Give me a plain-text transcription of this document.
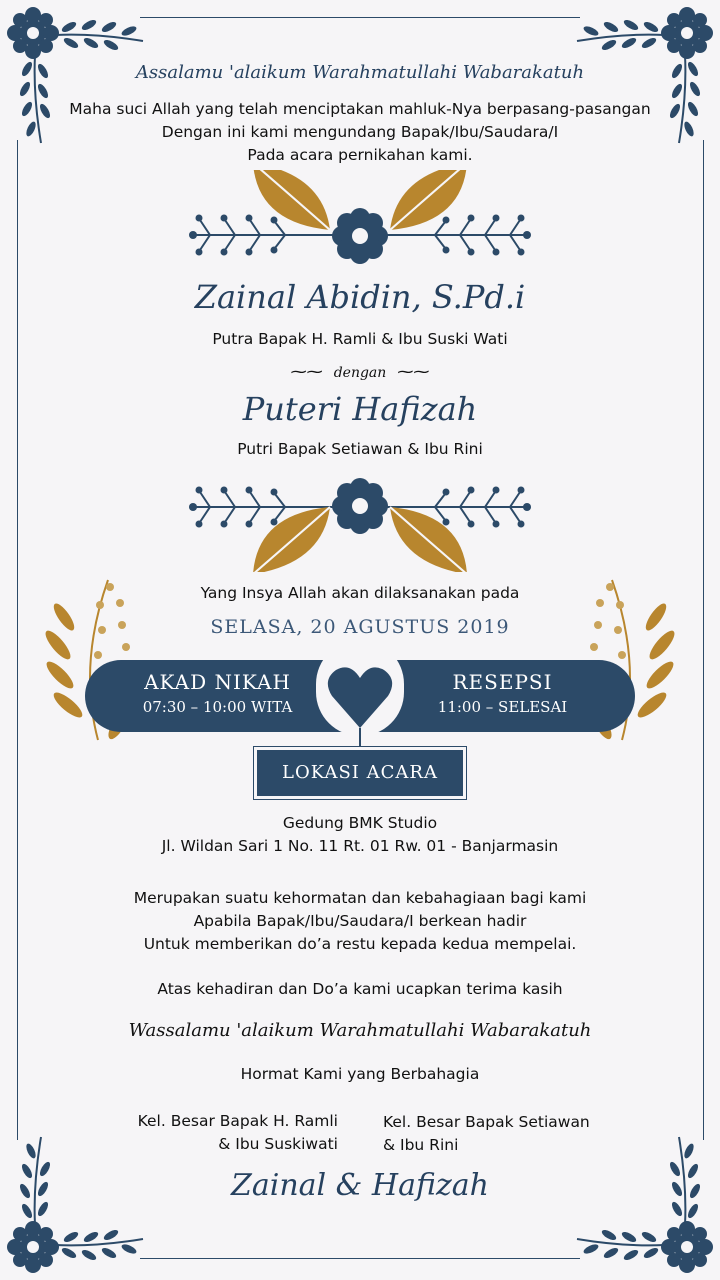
Assalamu 'alaikum Warahmatullahi Wabarakatuh
Maha suci Allah yang telah menciptakan mahluk-Nya berpasang-pasangan
Dengan ini kami mengundang Bapak/Ibu/Saudara/I
Pada acara pernikahan kami.
Zainal Abidin, S.Pd.i
Putra Bapak H. Ramli & Ibu Suski Wati
⁓⁓ dengan ⁓⁓
Puteri Hafizah
Putri Bapak Setiawan & Ibu Rini
Yang Insya Allah akan dilaksanakan pada
SELASA, 20 AGUSTUS 2019
AKAD NIKAH
07:30 – 10:00 WITA
RESEPSI
11:00 – SELESAI
LOKASI ACARA
Gedung BMK Studio
Jl. Wildan Sari 1 No. 11 Rt. 01 Rw. 01 - Banjarmasin
Merupakan suatu kehormatan dan kebahagiaan bagi kami
Apabila Bapak/Ibu/Saudara/I berkean hadir
Untuk memberikan do’a restu kepada kedua mempelai.
Atas kehadiran dan Do’a kami ucapkan terima kasih
Wassalamu 'alaikum Warahmatullahi Wabarakatuh
Hormat Kami yang Berbahagia
Kel. Besar Bapak H. Ramli
& Ibu Suskiwati
Kel. Besar Bapak Setiawan
& Ibu Rini
Zainal & Hafizah
